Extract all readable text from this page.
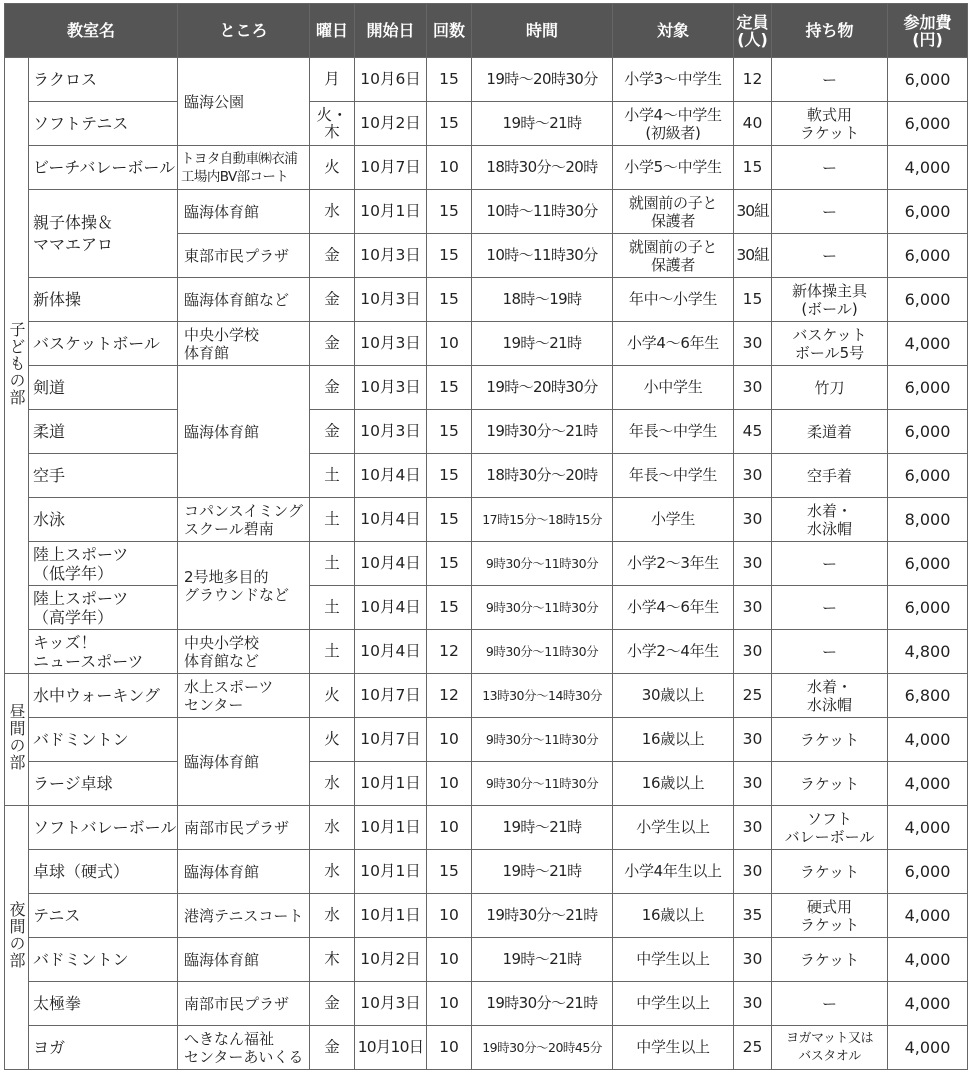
教室名		ところ	曜日	開始日	回数	時間	対象	定員
(人)	持ち物	参加費
(円)
子どもの部	ラクロス	臨海公園	月	10月6日	15	19時～20時30分	小学3～中学生	12	ー	6,000
	ソフトテニス		火・
木	10月2日	15	19時～21時	小学4～中学生
(初級者)	40	軟式用
ラケット	6,000
	ビーチバレーボール	トヨタ自動車㈱衣浦
工場内BV部コート	火	10月7日	10	18時30分～20時	小学5～中学生	15	ー	4,000
	親子体操＆
ママエアロ	臨海体育館	水	10月1日	15	10時～11時30分	就園前の子と
保護者	30組	ー	6,000
		東部市民プラザ	金	10月3日	15	10時～11時30分	就園前の子と
保護者	30組	ー	6,000
	新体操	臨海体育館など	金	10月3日	15	18時～19時	年中～小学生	15	新体操主具
(ボール)	6,000
	バスケットボール	中央小学校
体育館	金	10月3日	10	19時～21時	小学4～6年生	30	バスケット
ボール5号	4,000
	剣道	臨海体育館	金	10月3日	15	19時～20時30分	小中学生	30	竹刀	6,000
	柔道		金	10月3日	15	19時30分～21時	年長～中学生	45	柔道着	6,000
	空手		土	10月4日	15	18時30分～20時	年長～中学生	30	空手着	6,000
	水泳	コパンスイミング
スクール碧南	土	10月4日	15	17時15分～18時15分	小学生	30	水着・
水泳帽	8,000
	陸上スポーツ
（低学年）	2号地多目的
グラウンドなど	土	10月4日	15	9時30分～11時30分	小学2～3年生	30	ー	6,000
	陸上スポーツ
（高学年）		土	10月4日	15	9時30分～11時30分	小学4～6年生	30	ー	6,000
	キッズ！
ニュースポーツ	中央小学校
体育館など	土	10月4日	12	9時30分～11時30分	小学2～4年生	30	ー	4,800
昼間の部	水中ウォーキング	水上スポーツ
センター	火	10月7日	12	13時30分～14時30分	30歳以上	25	水着・
水泳帽	6,800
	バドミントン	臨海体育館	火	10月7日	10	9時30分～11時30分	16歳以上	30	ラケット	4,000
	ラージ卓球		水	10月1日	10	9時30分～11時30分	16歳以上	30	ラケット	4,000
夜間の部	ソフトバレーボール	南部市民プラザ	水	10月1日	10	19時～21時	小学生以上	30	ソフト
バレーボール	4,000
	卓球（硬式）	臨海体育館	水	10月1日	15	19時～21時	小学4年生以上	30	ラケット	6,000
	テニス	港湾テニスコート	水	10月1日	10	19時30分～21時	16歳以上	35	硬式用
ラケット	4,000
	バドミントン	臨海体育館	木	10月2日	10	19時～21時	中学生以上	30	ラケット	4,000
	太極拳	南部市民プラザ	金	10月3日	10	19時30分～21時	中学生以上	30	ー	4,000
	ヨガ	へきなん福祉
センターあいくる	金	10月10日	10	19時30分～20時45分	中学生以上	25	ヨガマット又は
バスタオル	4,000
